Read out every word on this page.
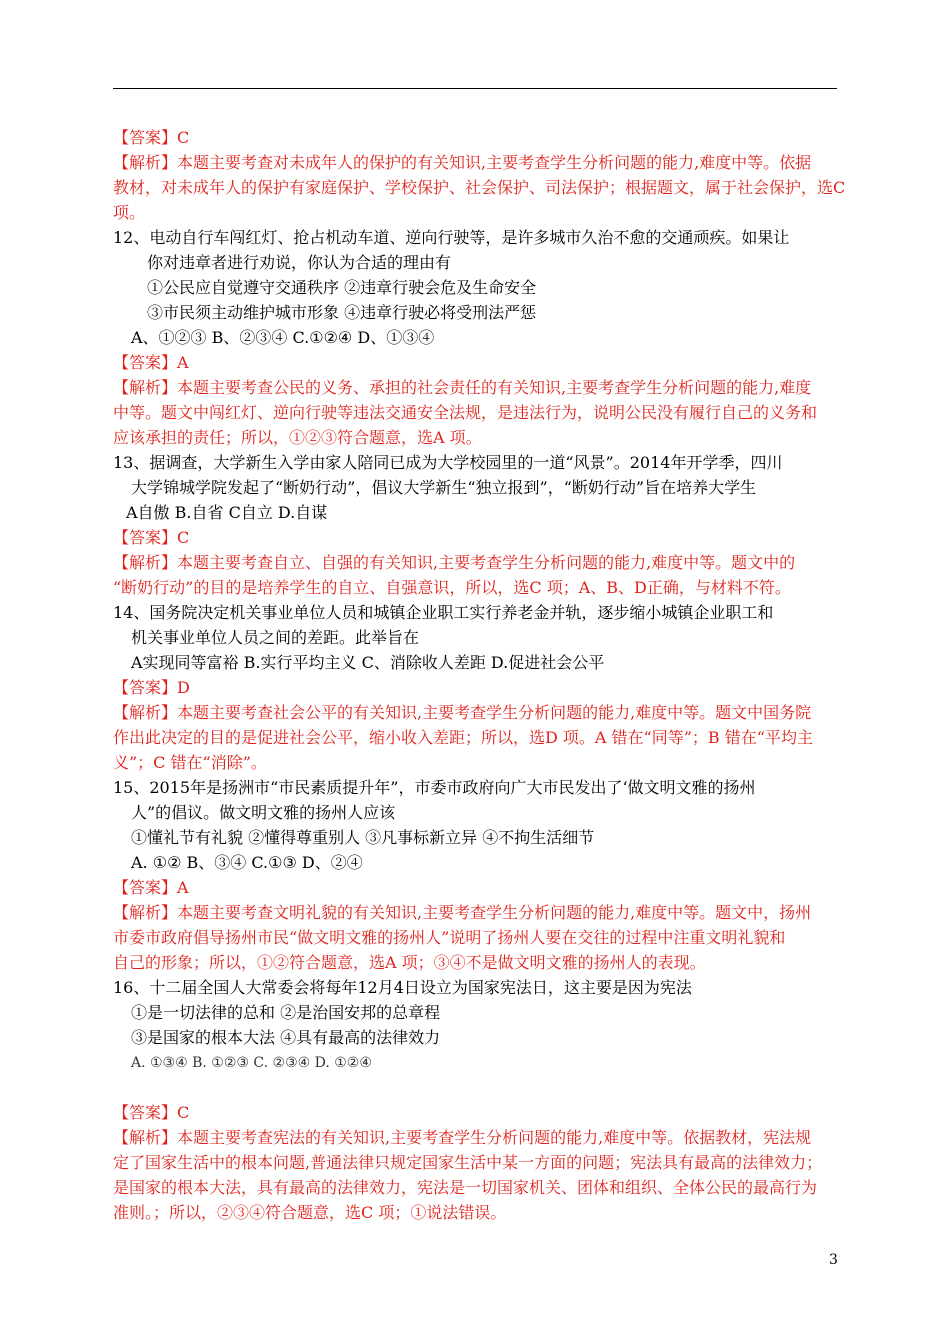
【答案】C
【解析】本题主要考查对未成年人的保护的有关知识,主要考查学生分析问题的能力,难度中等。依据
教材，对未成年人的保护有家庭保护、学校保护、社会保护、司法保护；根据题文，属于社会保护，选C
项。
12、电动自行车闯红灯、抢占机动车道、逆向行驶等，是许多城市久治不愈的交通顽疾。如果让
你对违章者进行劝说，你认为合适的理由有
①公民应自觉遵守交通秩序 ②违章行驶会危及生命安全
③市民须主动维护城市形象 ④违章行驶必将受刑法严惩
A、①②③ B、②③④ C.①②④ D、①③④
【答案】A
【解析】本题主要考查公民的义务、承担的社会责任的有关知识,主要考查学生分析问题的能力,难度
中等。题文中闯红灯、逆向行驶等违法交通安全法规，是违法行为，说明公民没有履行自己的义务和
应该承担的责任；所以，①②③符合题意，选A 项。
13、据调查，大学新生入学由家人陪同已成为大学校园里的一道“风景”。2014年开学季，四川
大学锦城学院发起了“断奶行动”，倡议大学新生“独立报到”，“断奶行动”旨在培养大学生
A自傲 B.自省 C自立 D.自谋
【答案】C
【解析】本题主要考查自立、自强的有关知识,主要考查学生分析问题的能力,难度中等。题文中的
“断奶行动”的目的是培养学生的自立、自强意识，所以，选C 项；A、B、D正确，与材料不符。
14、国务院决定机关事业单位人员和城镇企业职工实行养老金并轨，逐步缩小城镇企业职工和
机关事业单位人员之间的差距。此举旨在
A实现同等富裕 B.实行平均主义 C、消除收人差距 D.促进社会公平
【答案】D
【解析】本题主要考查社会公平的有关知识,主要考查学生分析问题的能力,难度中等。题文中国务院
作出此决定的目的是促进社会公平，缩小收入差距；所以，选D 项。A 错在“同等”；B 错在“平均主
义”；C 错在“消除”。
15、2015年是扬洲市“市民素质提升年”，市委市政府向广大市民发出了‘做文明文雅的扬州
人”的倡议。做文明文雅的扬州人应该
①懂礼节有礼貌 ②懂得尊重别人 ③凡事标新立异 ④不拘生活细节
A. ①② B、③④ C.①③ D、②④
【答案】A
【解析】本题主要考查文明礼貌的有关知识,主要考查学生分析问题的能力,难度中等。题文中，扬州
市委市政府倡导扬州市民“做文明文雅的扬州人”说明了扬州人要在交往的过程中注重文明礼貌和
自己的形象；所以，①②符合题意，选A 项；③④不是做文明文雅的扬州人的表现。
16、十二届全国人大常委会将每年12月4日设立为国家宪法日，这主要是因为宪法
①是一切法律的总和 ②是治国安邦的总章程
③是国家的根本大法 ④具有最高的法律效力
A. ①③④ B. ①②③ C. ②③④ D. ①②④
【答案】C
【解析】本题主要考查宪法的有关知识,主要考查学生分析问题的能力,难度中等。依据教材，宪法规
定了国家生活中的根本问题,普通法律只规定国家生活中某一方面的问题；宪法具有最高的法律效力；
是国家的根本大法，具有最高的法律效力，宪法是一切国家机关、团体和组织、全体公民的最高行为
准则。；所以，②③④符合题意，选C 项；①说法错误。
3
